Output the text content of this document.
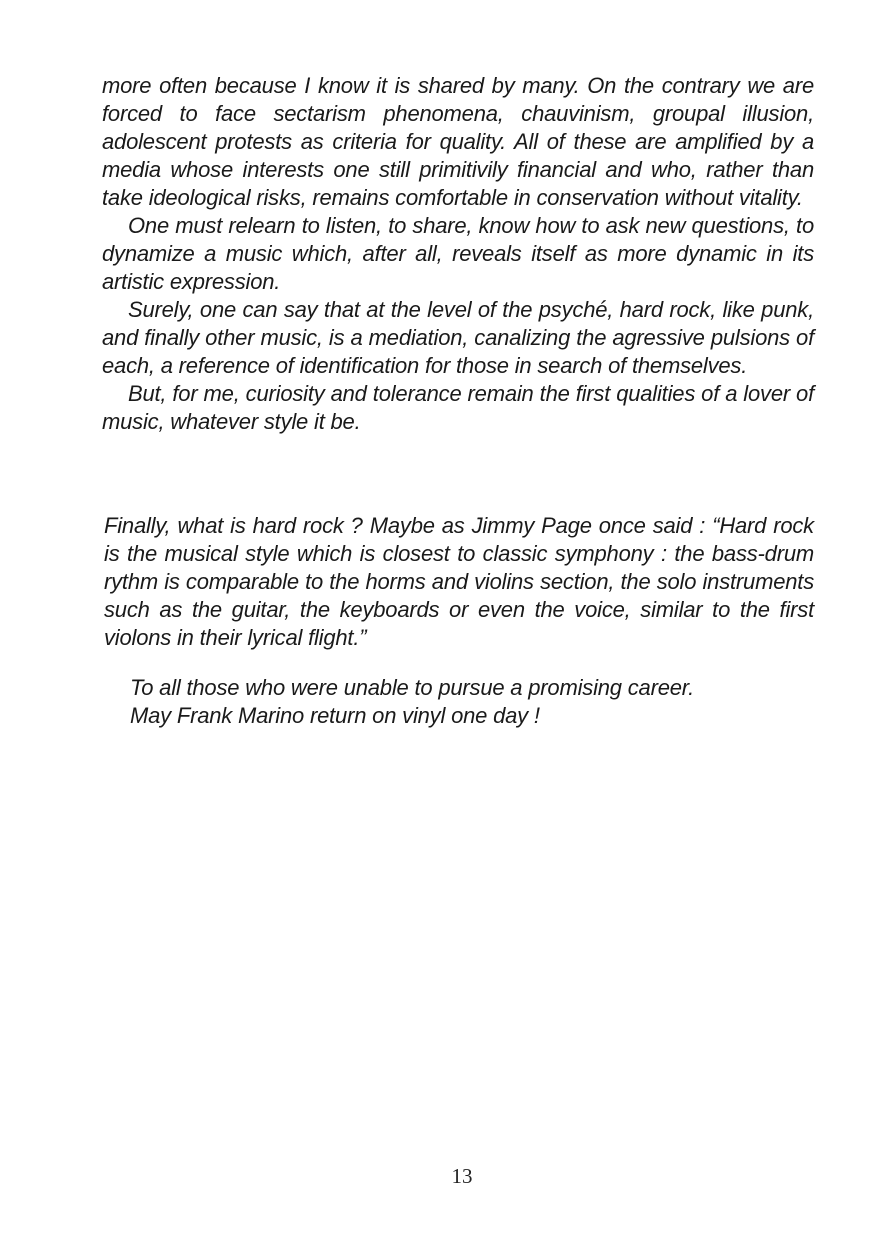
more often because I know it is shared by many. On the contrary we are forced to face sectarism phenomena, chauvinism, groupal illusion, adolescent protests as criteria for quality. All of these are amplified by a media whose interests one still primitivily financial and who, rather than take ideological risks, remains comfortable in conservation without vitality.

One must relearn to listen, to share, know how to ask new questions, to dynamize a music which, after all, reveals itself as more dynamic in its artistic expression.

Surely, one can say that at the level of the psyché, hard rock, like punk, and finally other music, is a mediation, canalizing the agressive pulsions of each, a reference of identification for those in search of themselves.

But, for me, curiosity and tolerance remain the first qualities of a lover of music, whatever style it be.

Finally, what is hard rock ? Maybe as Jimmy Page once said : “Hard rock is the musical style which is closest to classic symphony : the bass-drum rythm is comparable to the horms and violins section, the solo instruments such as the guitar, the keyboards or even the voice, similar to the first violons in their lyrical flight.”

To all those who were unable to pursue a promising career.

May Frank Marino return on vinyl one day !

13
